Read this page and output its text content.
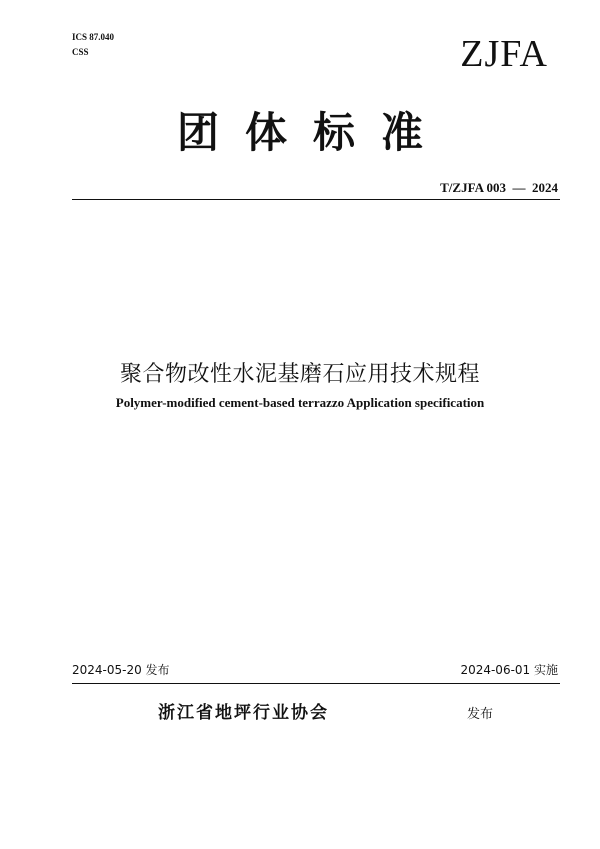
ICS 87.040
CSS	ZJFA
团体标准
T/ZJFA 003  —  2024
聚合物改性水泥基磨石应用技术规程
Polymer-modified cement-based terrazzo Application specification
2024-05-20 发布	2024-06-01 实施
浙江省地坪行业协会	发布
